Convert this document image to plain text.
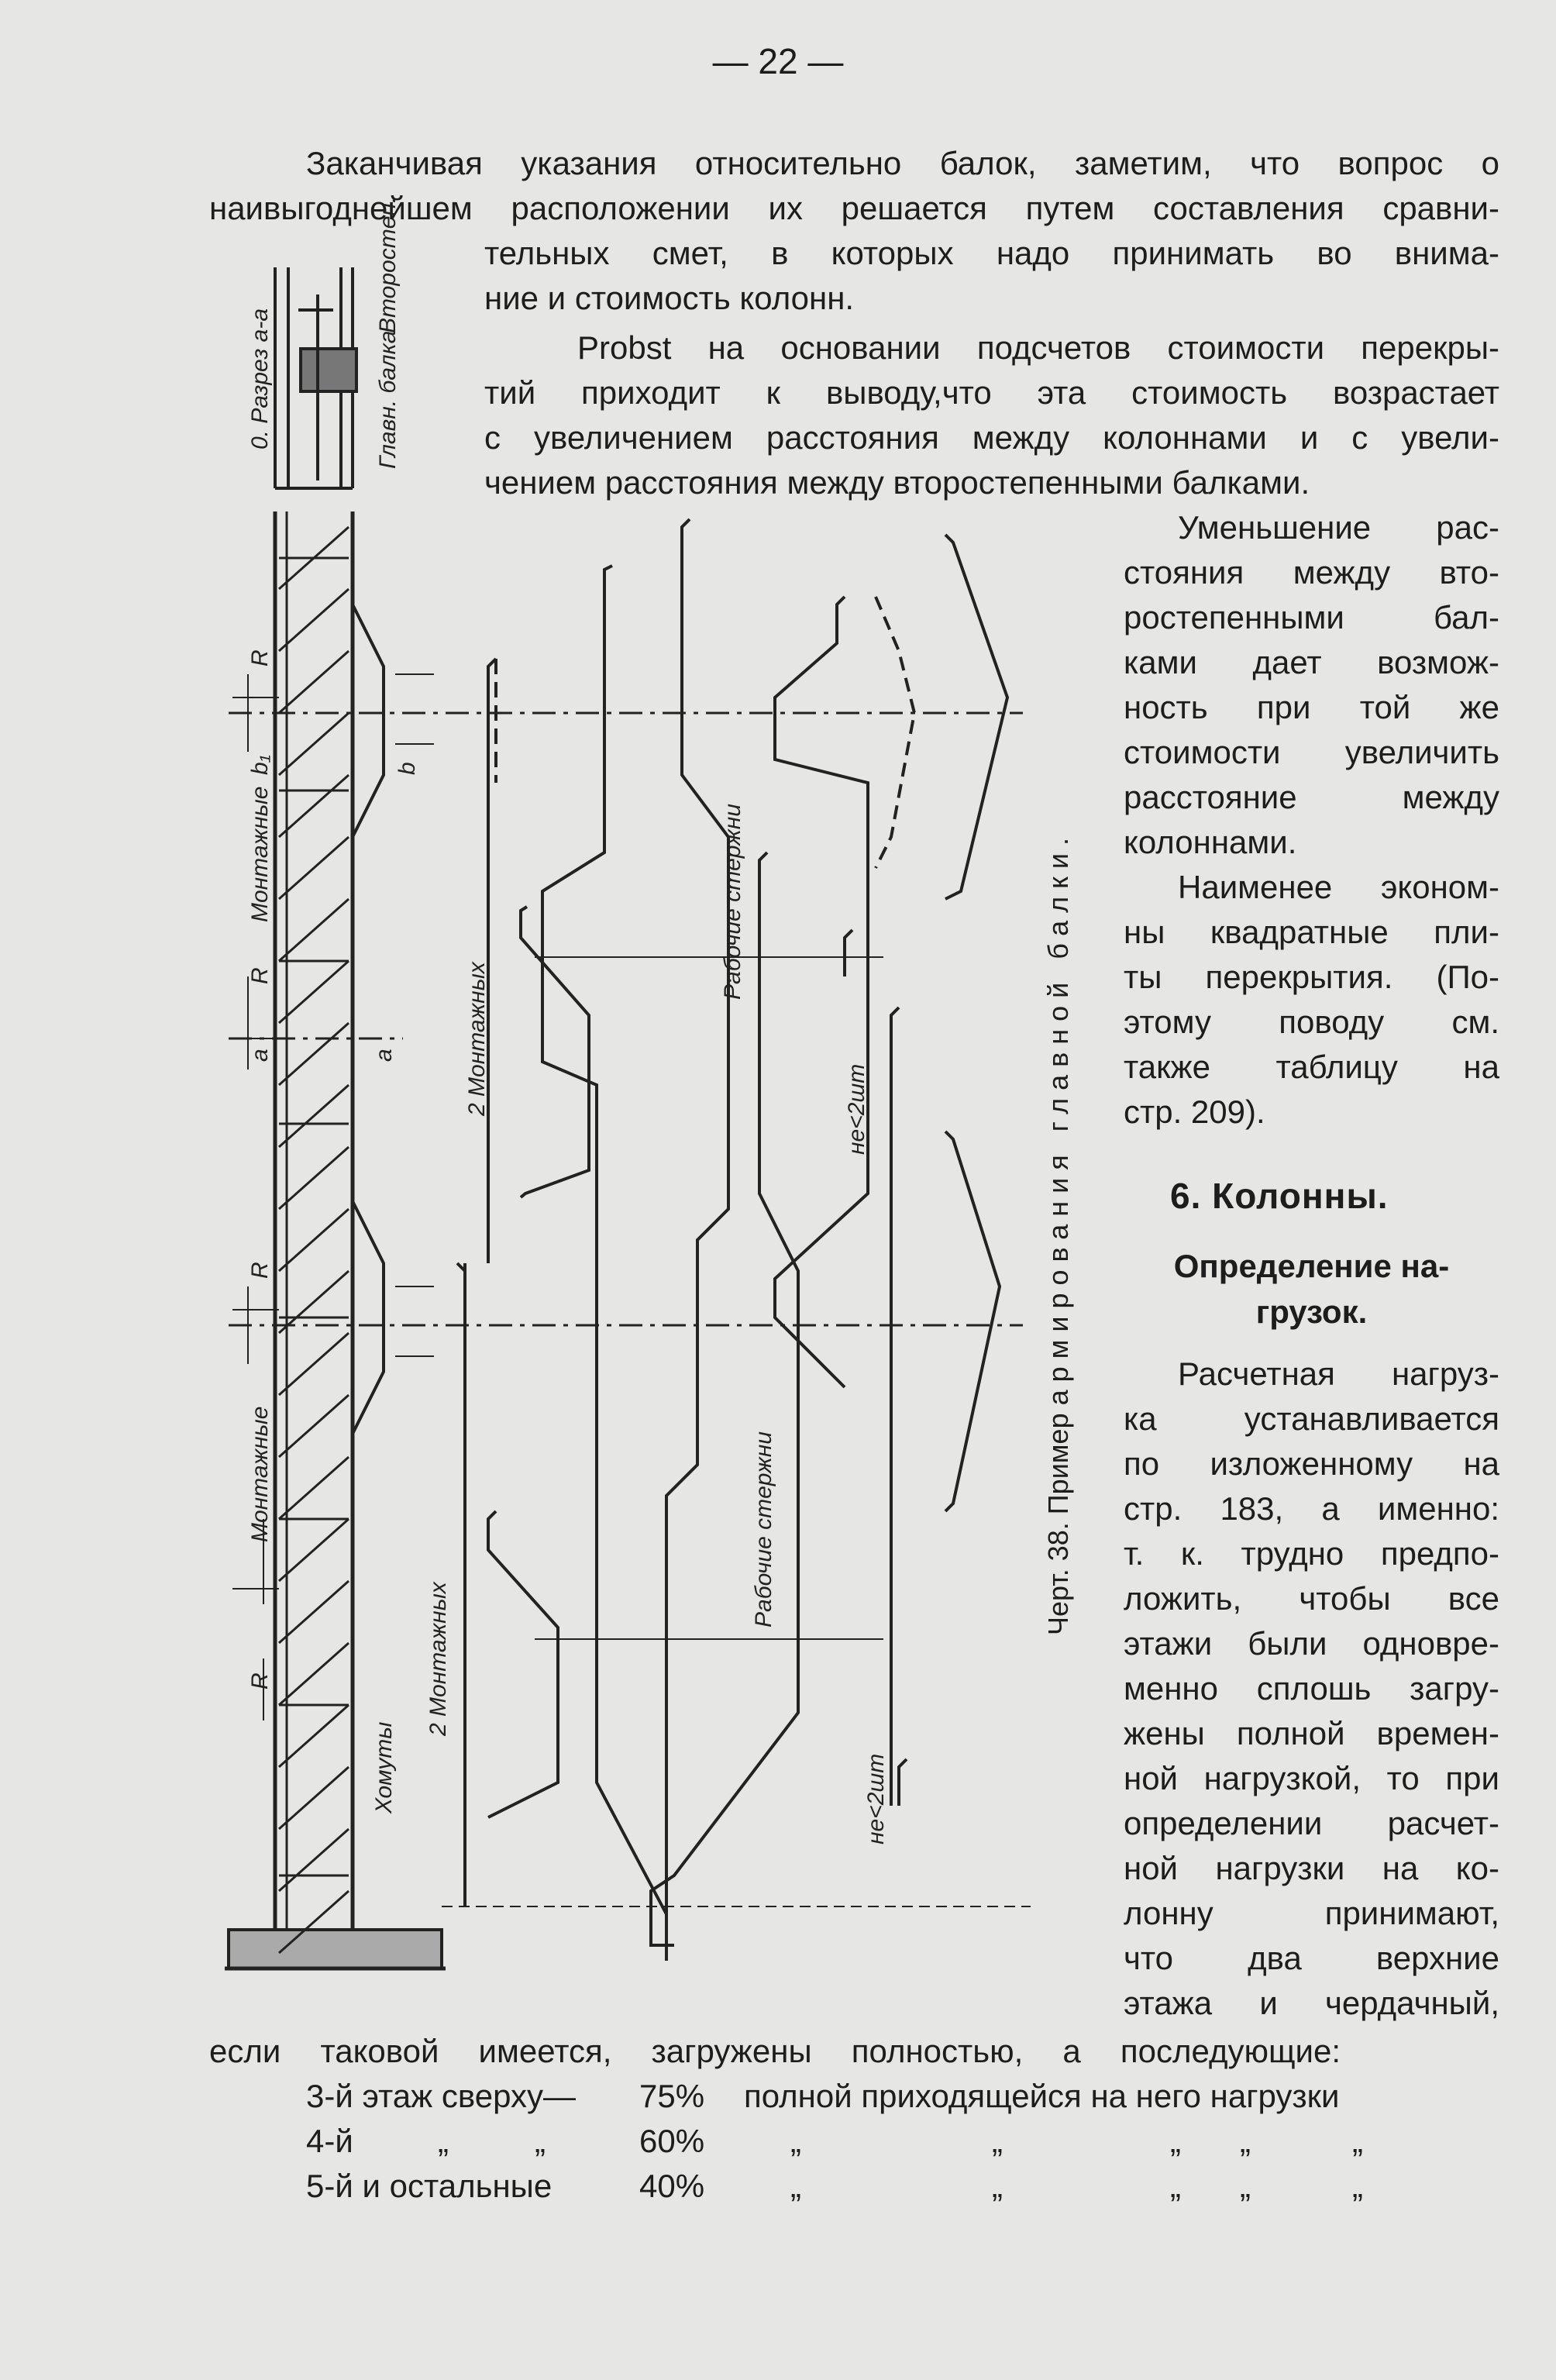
— 22 —
Заканчивая указания относительно балок, заметим, что вопрос о
наивыгоднейшем расположении их решается путем составления сравни-
тельных смет, в которых надо принимать во внима-
ние и стоимость колонн.
Probst на основании подсчетов стоимости перекры-
тий приходит к выводу,что эта стоимость возрастает
с увеличением расстояния между колоннами и с увели-
чением расстояния между второстепенными балками.
Уменьшение рас-
стояния между вто-
ростепенными бал-
ками дает возмож-
ность при той же
стоимости увеличить
расстояние между
колоннами.
Наименее эконом-
ны квадратные пли-
ты перекрытия. (По-
этому поводу см.
также таблицу на
стр. 209).
6. Колонны.
Определение на- грузок.
Расчетная нагруз-
ка устанавливается
по изложенному на
стр. 183, а именно:
т. к. трудно предпо-
ложить, чтобы все
этажи были одновре-
менно сплошь загру-
жены полной времен-
ной нагрузкой, то при
определении расчет-
ной нагрузки на ко-
лонну принимают,
что два верхние
этажа и чердачный,
если таковой имеется, загружены полностью, а последующие:
3-й этаж сверху— 75% полной приходящейся на него нагрузки
4-й	„	„	60%	„	„	„ „	„
5-й и остальные	40%	„	„	„ „	„
Черт. 38. Пример армирования главной балки.
0. Разрез а-а	Главн. балка
Второстеп.
Монтажные
Монтажные
2 Монтажных
2 Монтажных
Рабочие стержни
Рабочие стержни
не<2шт
не<2шт
Хомуты
а	а
b₁	b
R
R
R
R
